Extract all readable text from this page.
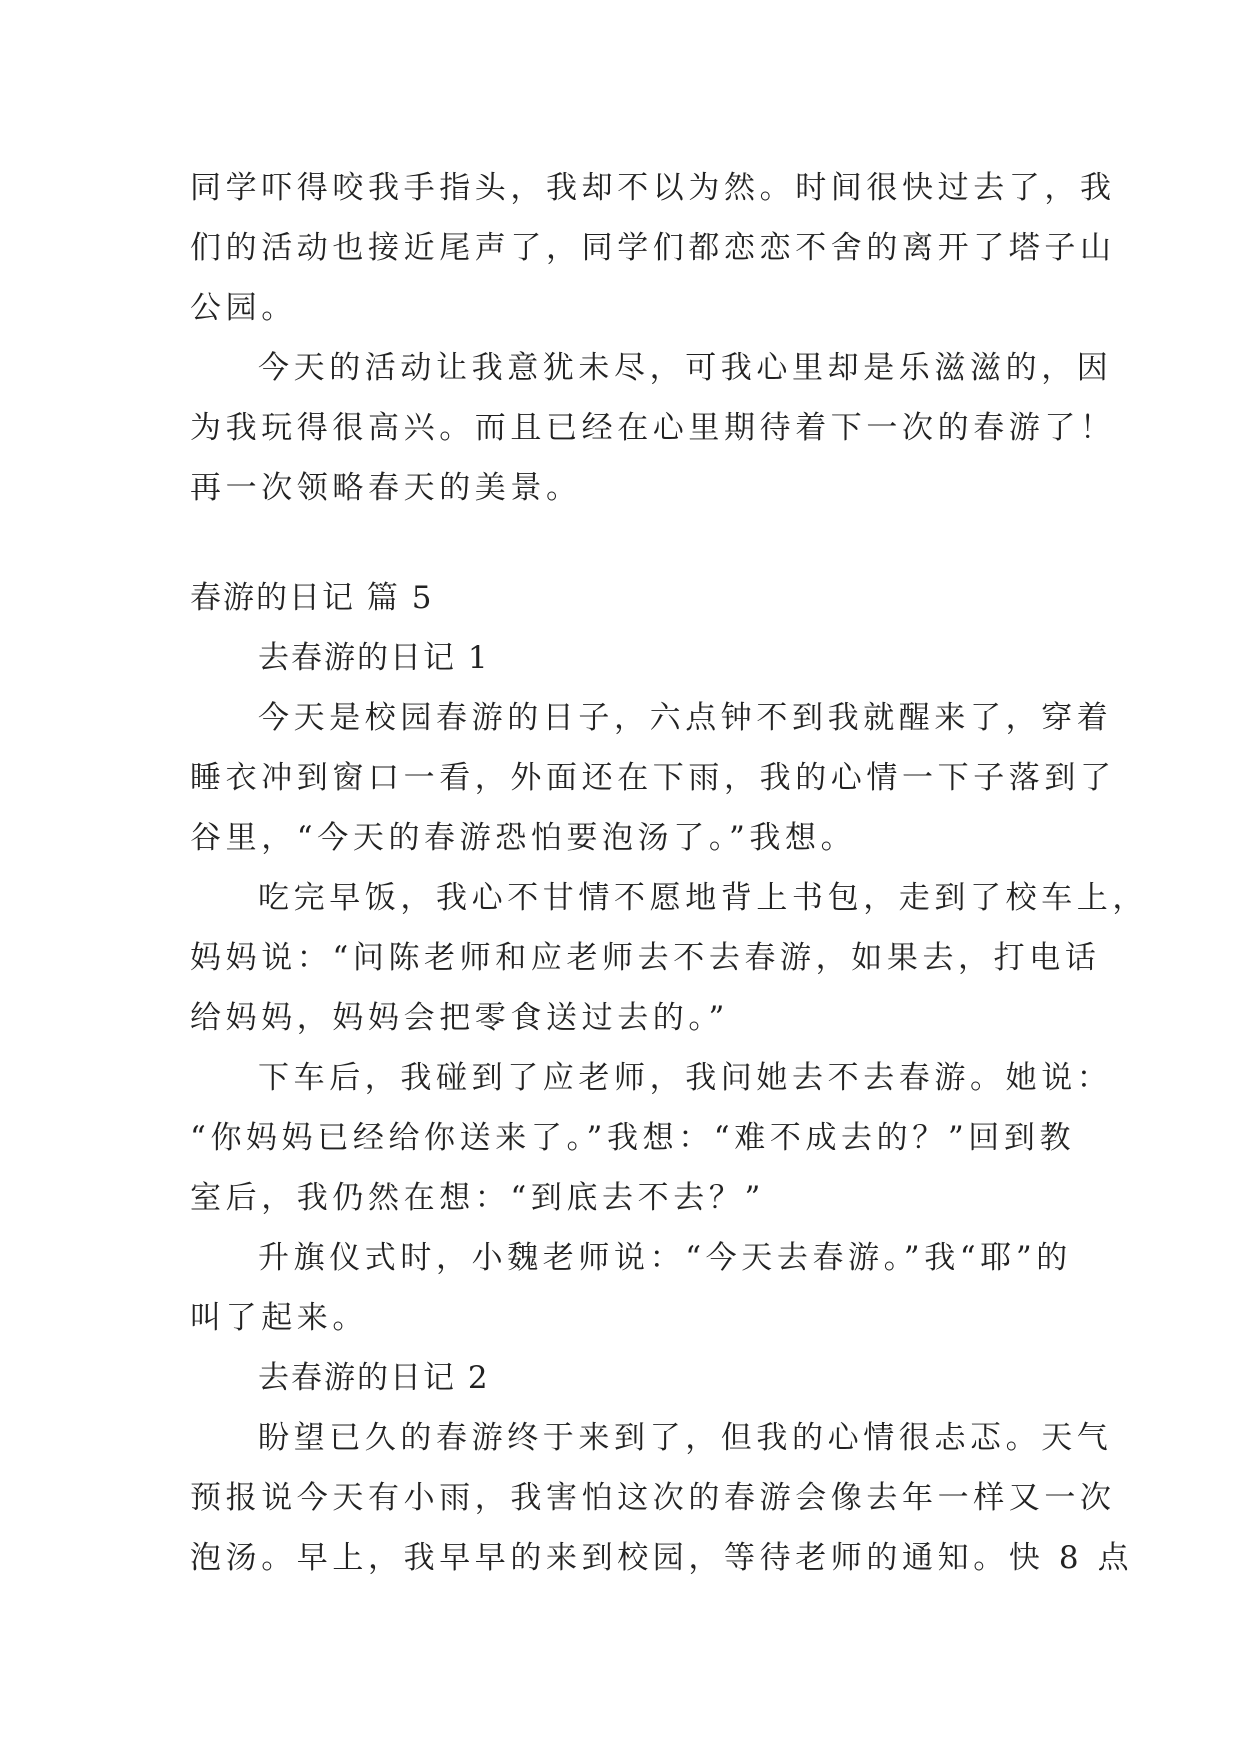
同学吓得咬我手指头，我却不以为然。时间很快过去了，我
们的活动也接近尾声了，同学们都恋恋不舍的离开了塔子山
公园。
今天的活动让我意犹未尽，可我心里却是乐滋滋的，因
为我玩得很高兴。而且已经在心里期待着下一次的春游了！
再一次领略春天的美景。
春游的日记 篇 5
去春游的日记 1
今天是校园春游的日子，六点钟不到我就醒来了，穿着
睡衣冲到窗口一看，外面还在下雨，我的心情一下子落到了
谷里，“今天的春游恐怕要泡汤了。”我想。
吃完早饭，我心不甘情不愿地背上书包，走到了校车上，
妈妈说：“问陈老师和应老师去不去春游，如果去，打电话
给妈妈，妈妈会把零食送过去的。”
下车后，我碰到了应老师，我问她去不去春游。她说：
“你妈妈已经给你送来了。”我想：“难不成去的？”回到教
室后，我仍然在想：“到底去不去？”
升旗仪式时，小魏老师说：“今天去春游。”我“耶”的
叫了起来。
去春游的日记 2
盼望已久的春游终于来到了，但我的心情很忐忑。天气
预报说今天有小雨，我害怕这次的春游会像去年一样又一次
泡汤。早上，我早早的来到校园，等待老师的通知。快 8 点
